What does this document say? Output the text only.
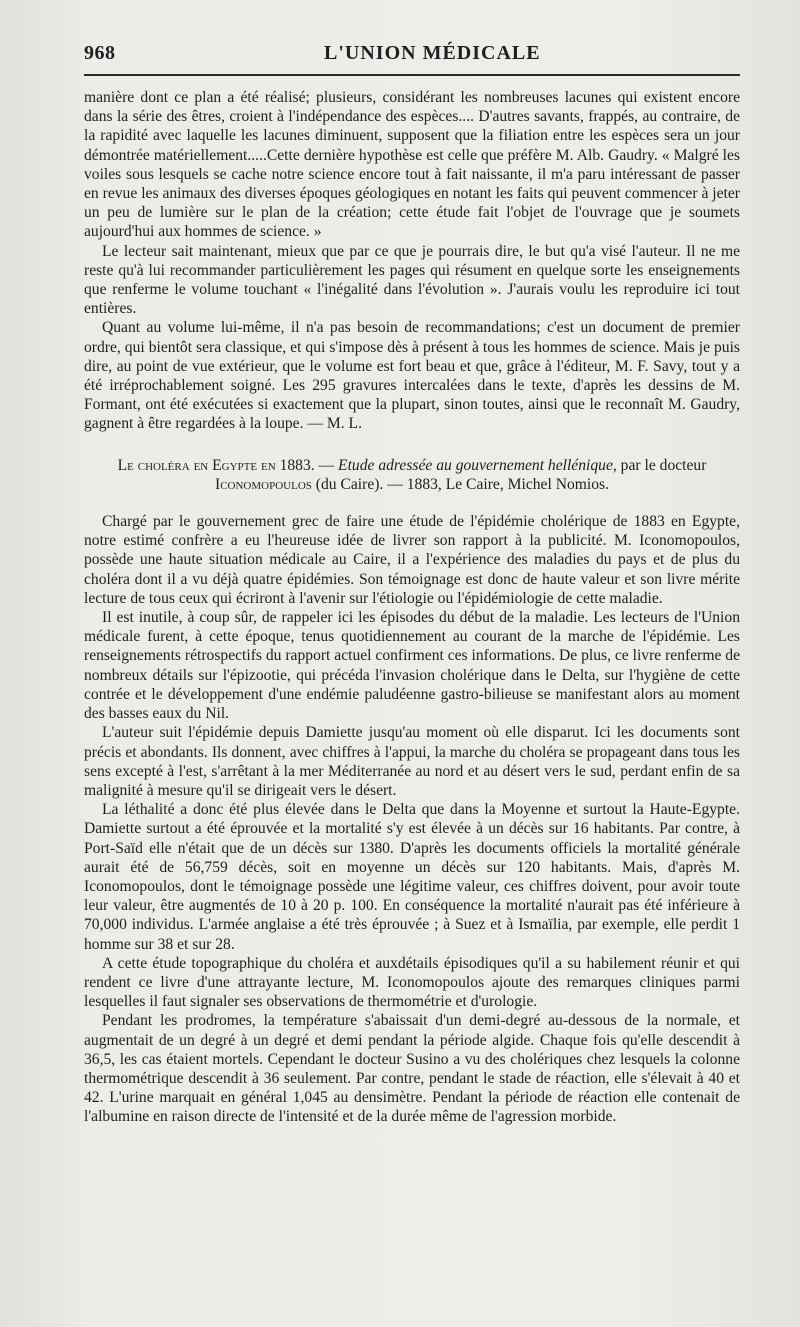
968	L'UNION MÉDICALE

manière dont ce plan a été réalisé; plusieurs, considérant les nombreuses lacunes qui existent encore dans la série des êtres, croient à l'indépendance des espèces.... D'autres savants, frappés, au contraire, de la rapidité avec laquelle les lacunes diminuent, supposent que la filiation entre les espèces sera un jour démontrée matériellement.....Cette dernière hypothèse est celle que préfère M. Alb. Gaudry. « Malgré les voiles sous lesquels se cache notre science encore tout à fait naissante, il m'a paru intéressant de passer en revue les animaux des diverses époques géologiques en notant les faits qui peuvent commencer à jeter un peu de lumière sur le plan de la création; cette étude fait l'objet de l'ouvrage que je soumets aujourd'hui aux hommes de science. »

Le lecteur sait maintenant, mieux que par ce que je pourrais dire, le but qu'a visé l'auteur. Il ne me reste qu'à lui recommander particulièrement les pages qui résument en quelque sorte les enseignements que renferme le volume touchant « l'inégalité dans l'évolution ». J'aurais voulu les reproduire ici tout entières.

Quant au volume lui-même, il n'a pas besoin de recommandations; c'est un document de premier ordre, qui bientôt sera classique, et qui s'impose dès à présent à tous les hommes de science. Mais je puis dire, au point de vue extérieur, que le volume est fort beau et que, grâce à l'éditeur, M. F. Savy, tout y a été irréprochablement soigné. Les 295 gravures intercalées dans le texte, d'après les dessins de M. Formant, ont été exécutées si exactement que la plupart, sinon toutes, ainsi que le reconnaît M. Gaudry, gagnent à être regardées à la loupe. — M. L.

Le choléra en Egypte en 1883. — Etude adressée au gouvernement hellénique, par le docteur Iconomopoulos (du Caire). — 1883, Le Caire, Michel Nomios.

Chargé par le gouvernement grec de faire une étude de l'épidémie cholérique de 1883 en Egypte, notre estimé confrère a eu l'heureuse idée de livrer son rapport à la publicité. M. Iconomopoulos, possède une haute situation médicale au Caire, il a l'expérience des maladies du pays et de plus du choléra dont il a vu déjà quatre épidémies. Son témoignage est donc de haute valeur et son livre mérite lecture de tous ceux qui écriront à l'avenir sur l'étiologie ou l'épidémiologie de cette maladie.

Il est inutile, à coup sûr, de rappeler ici les épisodes du début de la maladie. Les lecteurs de l'Union médicale furent, à cette époque, tenus quotidiennement au courant de la marche de l'épidémie. Les renseignements rétrospectifs du rapport actuel confirment ces informations. De plus, ce livre renferme de nombreux détails sur l'épizootie, qui précéda l'invasion cholérique dans le Delta, sur l'hygiène de cette contrée et le développement d'une endémie paludéenne gastro-bilieuse se manifestant alors au moment des basses eaux du Nil.

L'auteur suit l'épidémie depuis Damiette jusqu'au moment où elle disparut. Ici les documents sont précis et abondants. Ils donnent, avec chiffres à l'appui, la marche du choléra se propageant dans tous les sens excepté à l'est, s'arrêtant à la mer Méditerranée au nord et au désert vers le sud, perdant enfin de sa malignité à mesure qu'il se dirigeait vers le désert.

La léthalité a donc été plus élevée dans le Delta que dans la Moyenne et surtout la Haute-Egypte. Damiette surtout a été éprouvée et la mortalité s'y est élevée à un décès sur 16 habitants. Par contre, à Port-Saïd elle n'était que de un décès sur 1380. D'après les documents officiels la mortalité générale aurait été de 56,759 décès, soit en moyenne un décès sur 120 habitants. Mais, d'après M. Iconomopoulos, dont le témoignage possède une légitime valeur, ces chiffres doivent, pour avoir toute leur valeur, être augmentés de 10 à 20 p. 100. En conséquence la mortalité n'aurait pas été inférieure à 70,000 individus. L'armée anglaise a été très éprouvée ; à Suez et à Ismaïlia, par exemple, elle perdit 1 homme sur 38 et sur 28.

A cette étude topographique du choléra et auxdétails épisodiques qu'il a su habilement réunir et qui rendent ce livre d'une attrayante lecture, M. Iconomopoulos ajoute des remarques cliniques parmi lesquelles il faut signaler ses observations de thermométrie et d'urologie.

Pendant les prodromes, la température s'abaissait d'un demi-degré au-dessous de la normale, et augmentait de un degré à un degré et demi pendant la période algide. Chaque fois qu'elle descendit à 36,5, les cas étaient mortels. Cependant le docteur Susino a vu des cholériques chez lesquels la colonne thermométrique descendit à 36 seulement. Par contre, pendant le stade de réaction, elle s'élevait à 40 et 42. L'urine marquait en général 1,045 au densimètre. Pendant la période de réaction elle contenait de l'albumine en raison directe de l'intensité et de la durée même de l'agression morbide.
